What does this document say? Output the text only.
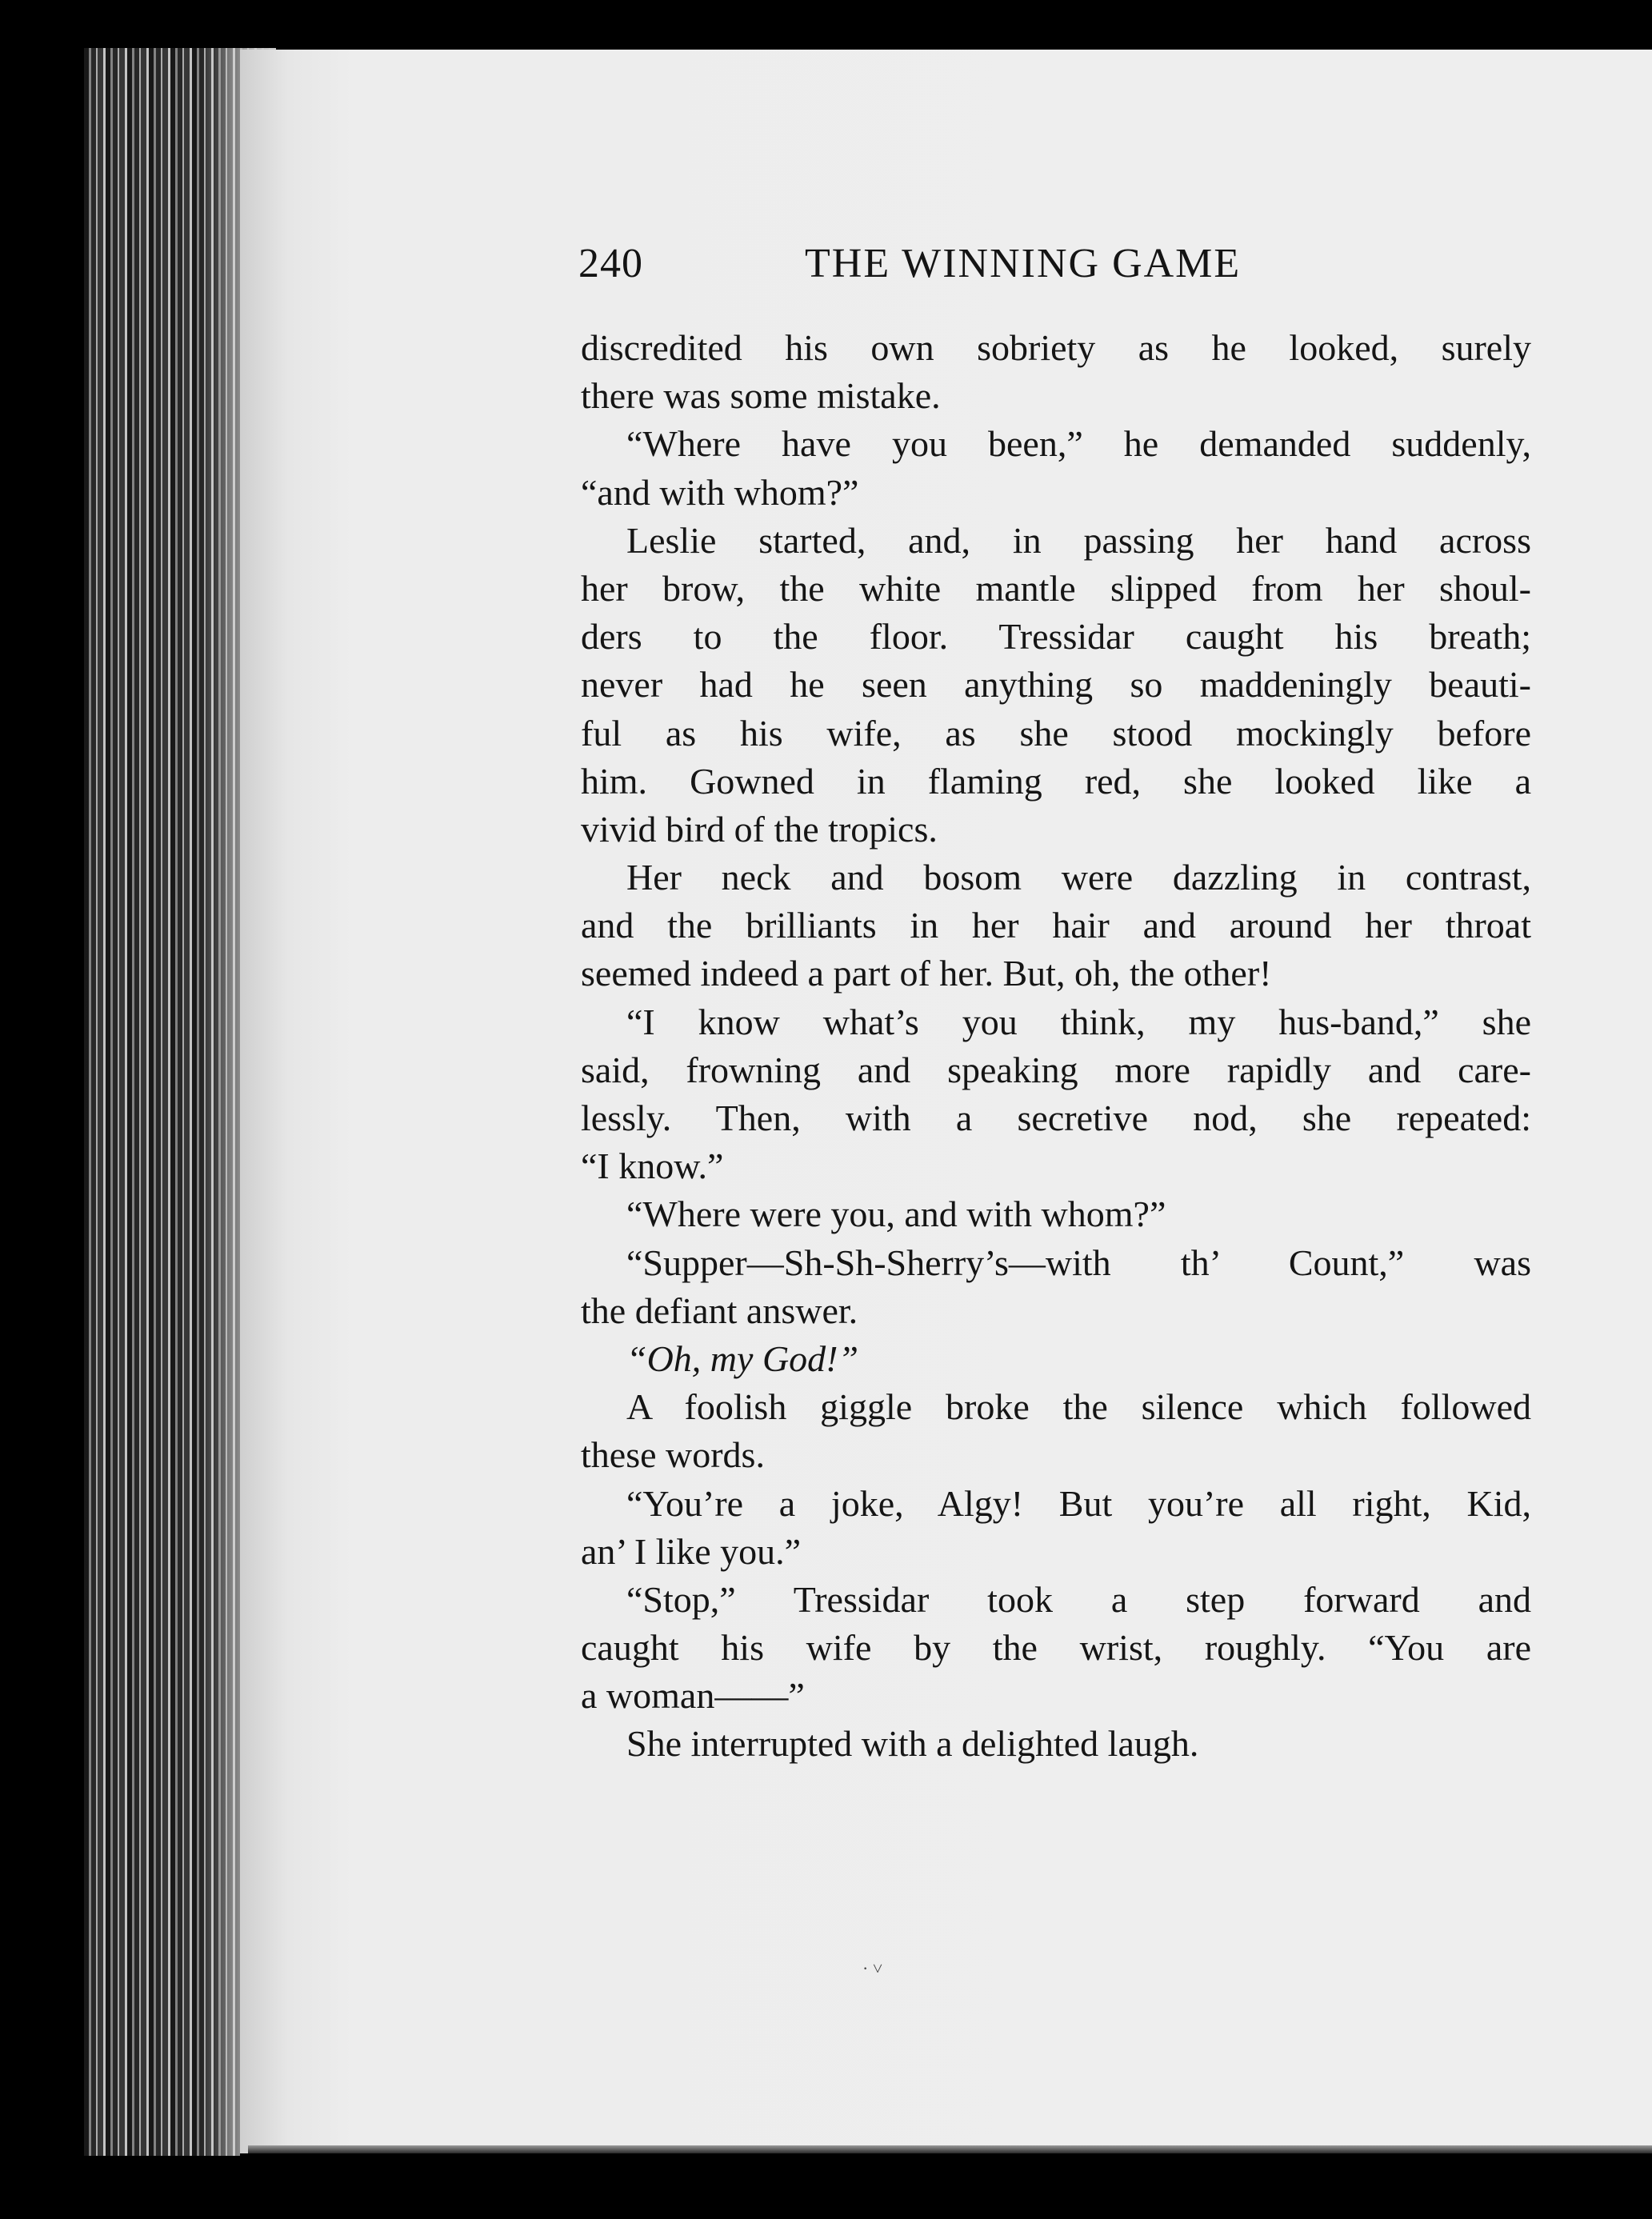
240	THE WINNING GAME
discredited his own sobriety as he looked, surely
there was some mistake.
“Where have you been,” he demanded suddenly,
“and with whom?”
Leslie started, and, in passing her hand across
her brow, the white mantle slipped from her shoul-
ders to the floor. Tressidar caught his breath;
never had he seen anything so maddeningly beauti-
ful as his wife, as she stood mockingly before
him. Gowned in flaming red, she looked like a
vivid bird of the tropics.
Her neck and bosom were dazzling in contrast,
and the brilliants in her hair and around her throat
seemed indeed a part of her. But, oh, the other!
“I know what’s you think, my hus-band,” she
said, frowning and speaking more rapidly and care-
lessly. Then, with a secretive nod, she repeated:
“I know.”
“Where were you, and with whom?”
“Supper—Sh-Sh-Sherry’s—with th’ Count,” was
the defiant answer.
“Oh, my God!”
A foolish giggle broke the silence which followed
these words.
“You’re a joke, Algy! But you’re all right, Kid,
an’ I like you.”
“Stop,” Tressidar took a step forward and
caught his wife by the wrist, roughly. “You are
a woman——”
She interrupted with a delighted laugh.
· ˅
